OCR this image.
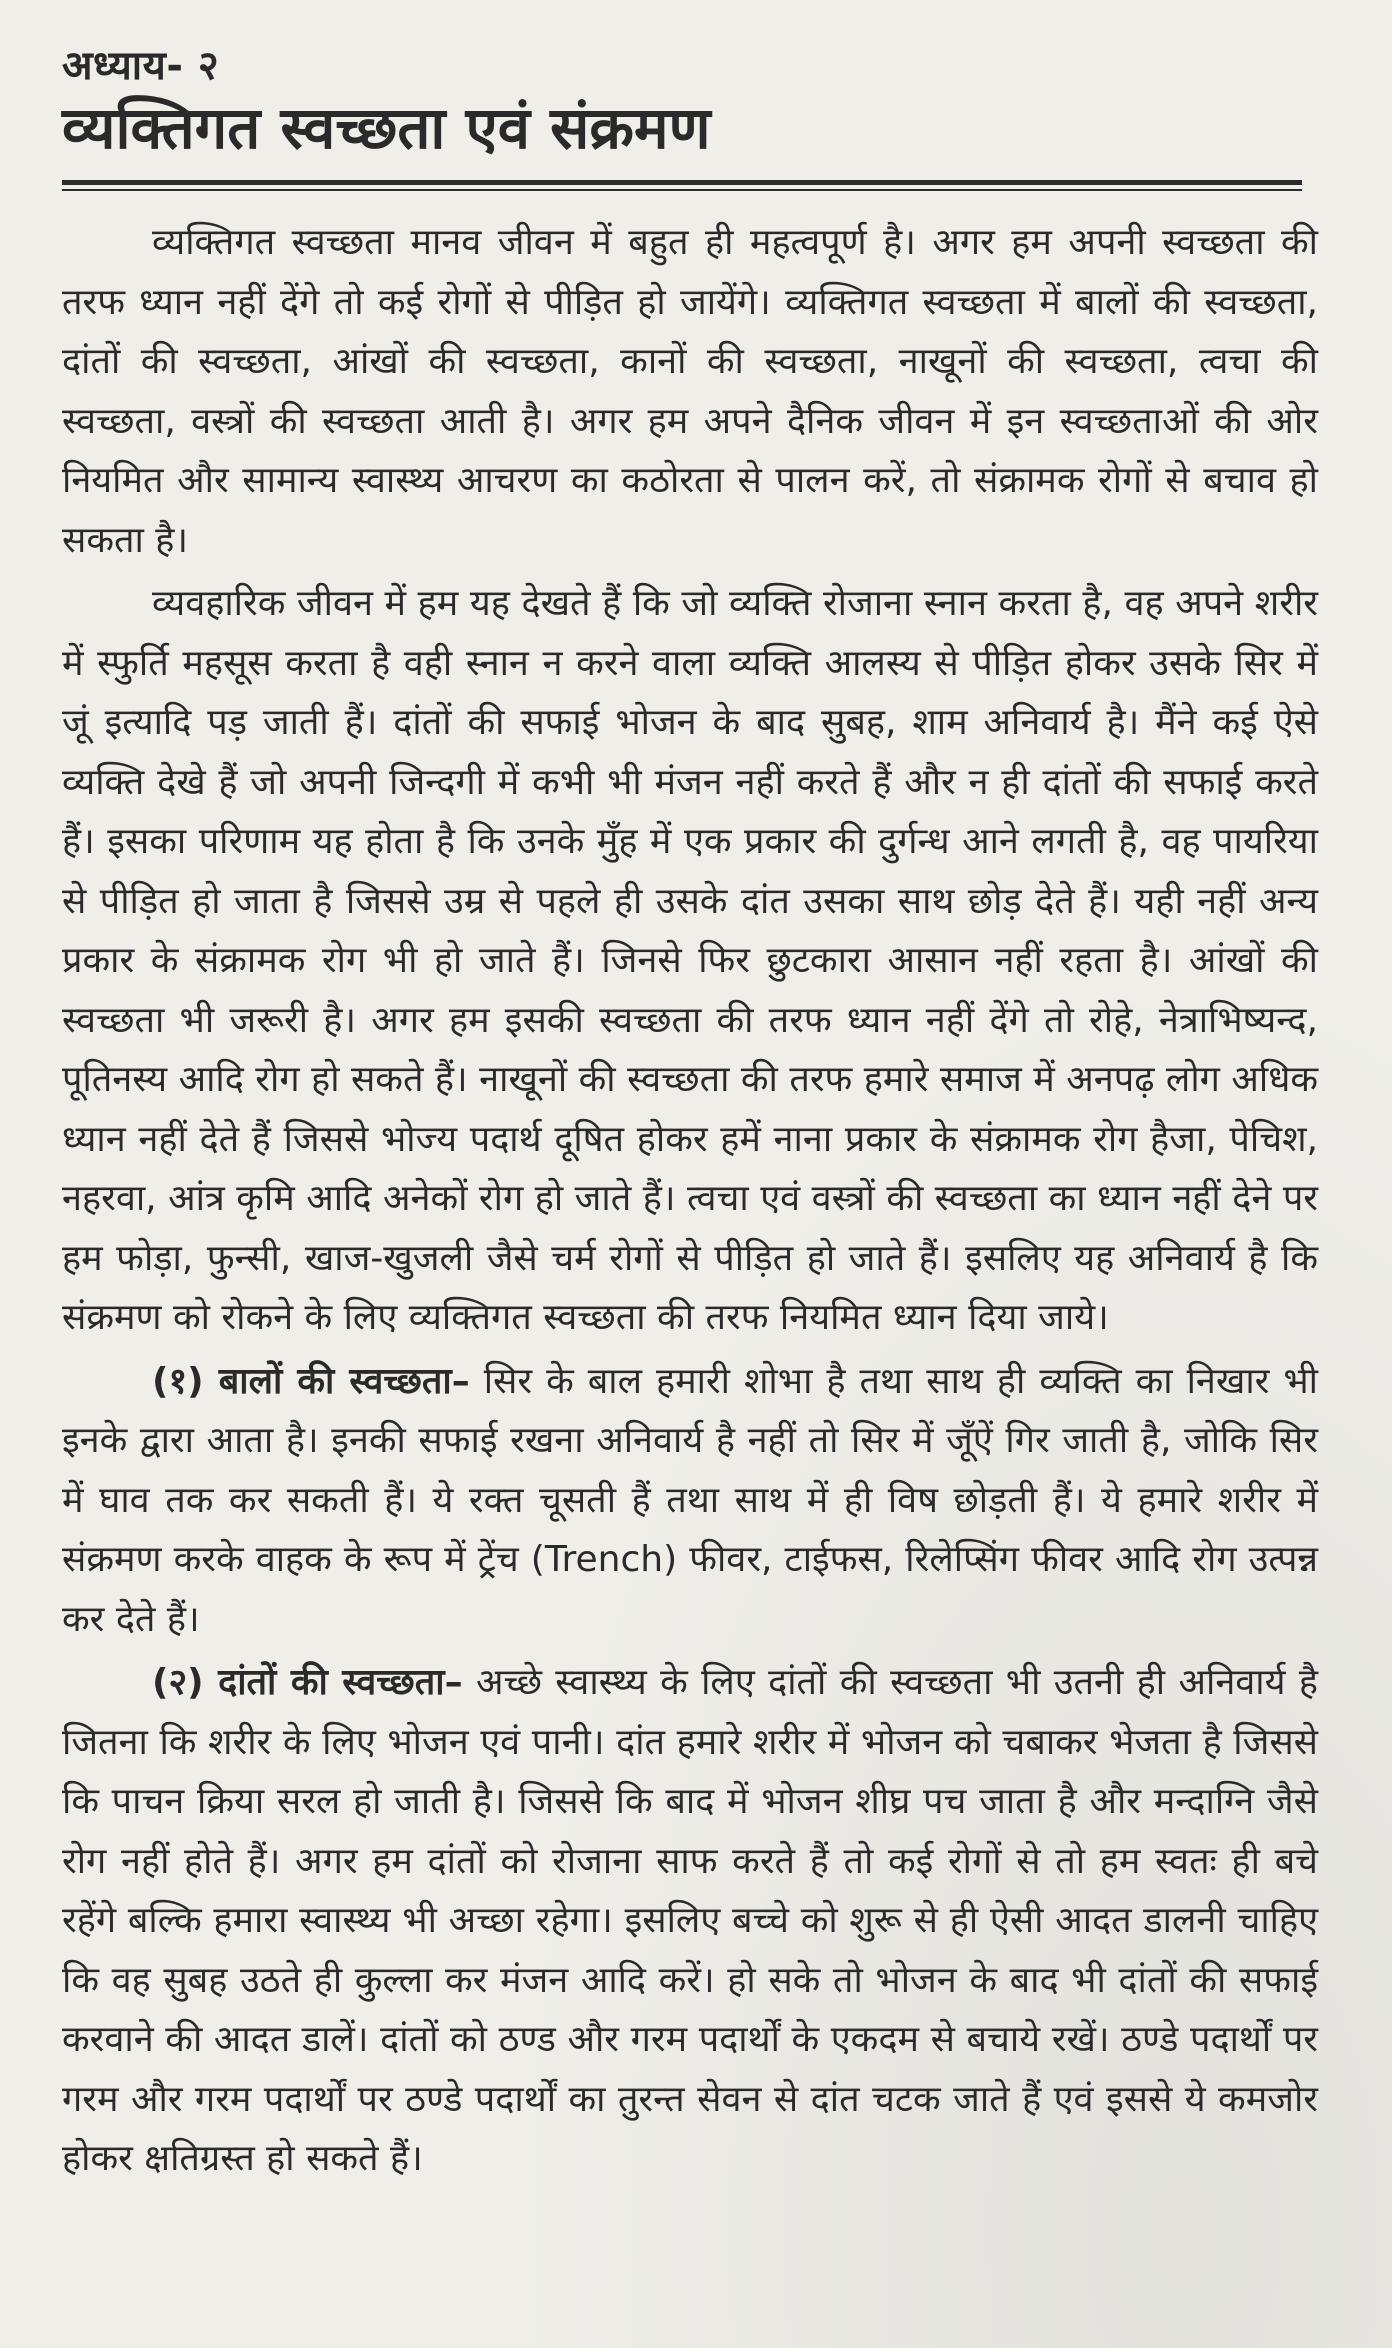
अध्याय- २
व्यक्तिगत स्वच्छता एवं संक्रमण

व्यक्तिगत स्वच्छता मानव जीवन में बहुत ही महत्वपूर्ण है। अगर हम अपनी स्वच्छता की तरफ ध्यान नहीं देंगे तो कई रोगों से पीड़ित हो जायेंगे। व्यक्तिगत स्वच्छता में बालों की स्वच्छता, दांतों की स्वच्छता, आंखों की स्वच्छता, कानों की स्वच्छता, नाखूनों की स्वच्छता, त्वचा की स्वच्छता, वस्त्रों की स्वच्छता आती है। अगर हम अपने दैनिक जीवन में इन स्वच्छताओं की ओर नियमित और सामान्य स्वास्थ्य आचरण का कठोरता से पालन करें, तो संक्रामक रोगों से बचाव हो सकता है।

व्यवहारिक जीवन में हम यह देखते हैं कि जो व्यक्ति रोजाना स्नान करता है, वह अपने शरीर में स्फुर्ति महसूस करता है वही स्नान न करने वाला व्यक्ति आलस्य से पीड़ित होकर उसके सिर में जूं इत्यादि पड़ जाती हैं। दांतों की सफाई भोजन के बाद सुबह, शाम अनिवार्य है। मैंने कई ऐसे व्यक्ति देखे हैं जो अपनी जिन्दगी में कभी भी मंजन नहीं करते हैं और न ही दांतों की सफाई करते हैं। इसका परिणाम यह होता है कि उनके मुँह में एक प्रकार की दुर्गन्ध आने लगती है, वह पायरिया से पीड़ित हो जाता है जिससे उम्र से पहले ही उसके दांत उसका साथ छोड़ देते हैं। यही नहीं अन्य प्रकार के संक्रामक रोग भी हो जाते हैं। जिनसे फिर छुटकारा आसान नहीं रहता है। आंखों की स्वच्छता भी जरूरी है। अगर हम इसकी स्वच्छता की तरफ ध्यान नहीं देंगे तो रोहे, नेत्राभिष्यन्द, पूतिनस्य आदि रोग हो सकते हैं। नाखूनों की स्वच्छता की तरफ हमारे समाज में अनपढ़ लोग अधिक ध्यान नहीं देते हैं जिससे भोज्य पदार्थ दूषित होकर हमें नाना प्रकार के संक्रामक रोग हैजा, पेचिश, नहरवा, आंत्र कृमि आदि अनेकों रोग हो जाते हैं। त्वचा एवं वस्त्रों की स्वच्छता का ध्यान नहीं देने पर हम फोड़ा, फुन्सी, खाज-खुजली जैसे चर्म रोगों से पीड़ित हो जाते हैं। इसलिए यह अनिवार्य है कि संक्रमण को रोकने के लिए व्यक्तिगत स्वच्छता की तरफ नियमित ध्यान दिया जाये।

(१) बालों की स्वच्छता– सिर के बाल हमारी शोभा है तथा साथ ही व्यक्ति का निखार भी इनके द्वारा आता है। इनकी सफाई रखना अनिवार्य है नहीं तो सिर में जूँऐं गिर जाती है, जोकि सिर में घाव तक कर सकती हैं। ये रक्त चूसती हैं तथा साथ में ही विष छोड़ती हैं। ये हमारे शरीर में संक्रमण करके वाहक के रूप में ट्रेंच (Trench) फीवर, टाईफस, रिलेप्सिंग फीवर आदि रोग उत्पन्न कर देते हैं।

(२) दांतों की स्वच्छता– अच्छे स्वास्थ्य के लिए दांतों की स्वच्छता भी उतनी ही अनिवार्य है जितना कि शरीर के लिए भोजन एवं पानी। दांत हमारे शरीर में भोजन को चबाकर भेजता है जिससे कि पाचन क्रिया सरल हो जाती है। जिससे कि बाद में भोजन शीघ्र पच जाता है और मन्दाग्नि जैसे रोग नहीं होते हैं। अगर हम दांतों को रोजाना साफ करते हैं तो कई रोगों से तो हम स्वतः ही बचे रहेंगे बल्कि हमारा स्वास्थ्य भी अच्छा रहेगा। इसलिए बच्चे को शुरू से ही ऐसी आदत डालनी चाहिए कि वह सुबह उठते ही कुल्ला कर मंजन आदि करें। हो सके तो भोजन के बाद भी दांतों की सफाई करवाने की आदत डालें। दांतों को ठण्ड और गरम पदार्थों के एकदम से बचाये रखें। ठण्डे पदार्थों पर गरम और गरम पदार्थों पर ठण्डे पदार्थों का तुरन्त सेवन से दांत चटक जाते हैं एवं इससे ये कमजोर होकर क्षतिग्रस्त हो सकते हैं।
